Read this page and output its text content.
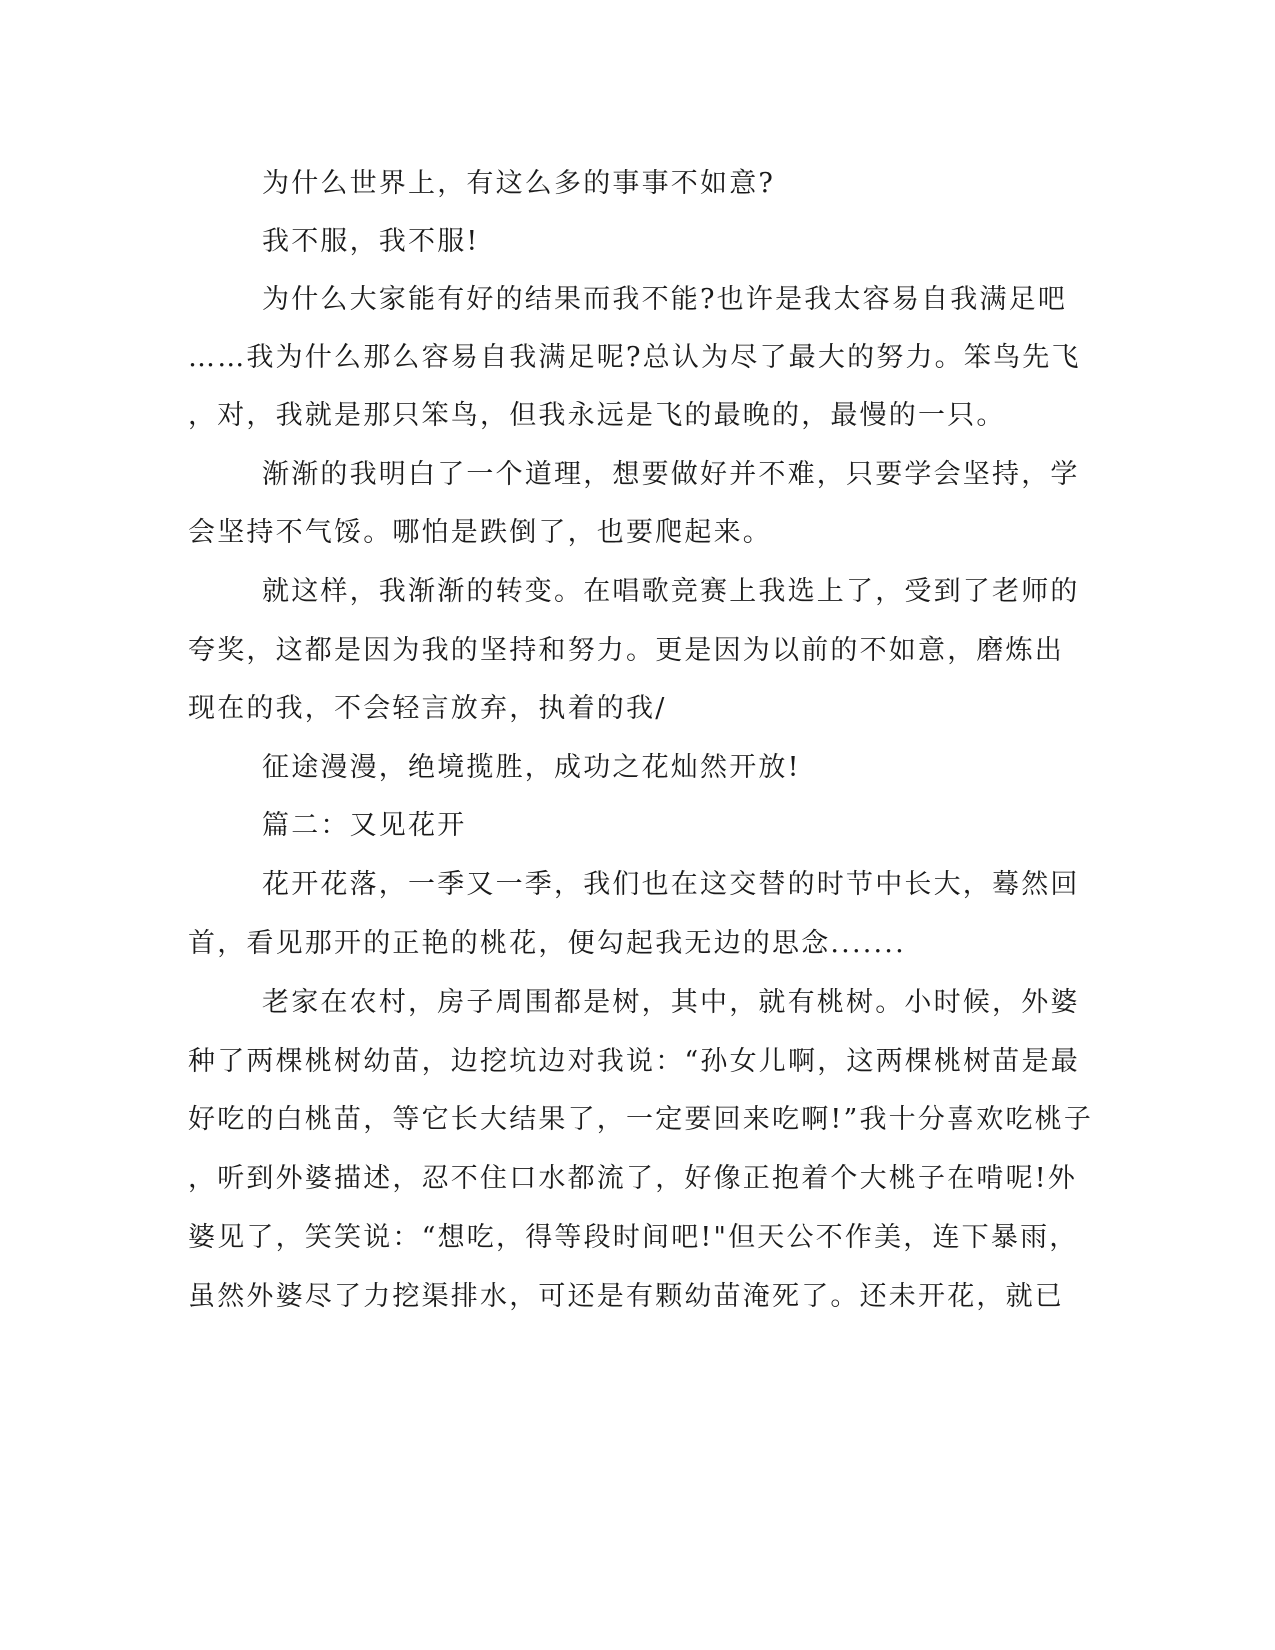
为什么世界上，有这么多的事事不如意?

我不服，我不服!

为什么大家能有好的结果而我不能?也许是我太容易自我满足吧

……我为什么那么容易自我满足呢?总认为尽了最大的努力。笨鸟先飞

，对，我就是那只笨鸟，但我永远是飞的最晚的，最慢的一只。

渐渐的我明白了一个道理，想要做好并不难，只要学会坚持，学

会坚持不气馁。哪怕是跌倒了，也要爬起来。

就这样，我渐渐的转变。在唱歌竞赛上我选上了，受到了老师的

夸奖，这都是因为我的坚持和努力。更是因为以前的不如意，磨炼出

现在的我，不会轻言放弃，执着的我/

征途漫漫，绝境揽胜，成功之花灿然开放!

篇二：又见花开

花开花落，一季又一季，我们也在这交替的时节中长大，蓦然回

首，看见那开的正艳的桃花，便勾起我无边的思念.......

老家在农村，房子周围都是树，其中，就有桃树。小时候，外婆

种了两棵桃树幼苗，边挖坑边对我说：“孙女儿啊，这两棵桃树苗是最

好吃的白桃苗，等它长大结果了，一定要回来吃啊!”我十分喜欢吃桃子

，听到外婆描述，忍不住口水都流了，好像正抱着个大桃子在啃呢!外

婆见了，笑笑说：“想吃，得等段时间吧!"但天公不作美，连下暴雨，

虽然外婆尽了力挖渠排水，可还是有颗幼苗淹死了。还未开花，就已
